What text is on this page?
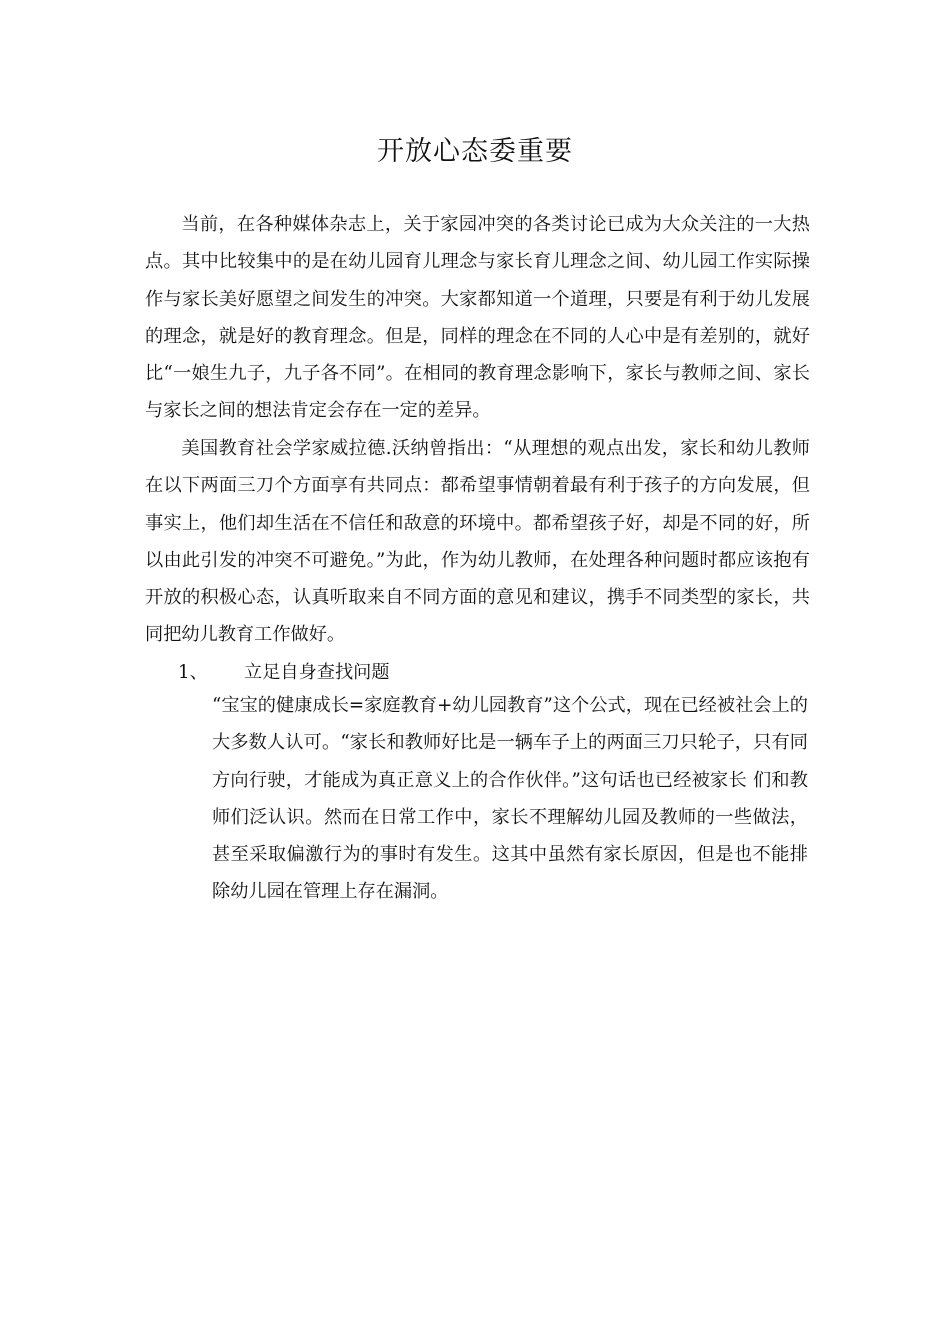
开放心态委重要

当前，在各种媒体杂志上，关于家园冲突的各类讨论已成为大众关注的一大热点。其中比较集中的是在幼儿园育儿理念与家长育儿理念之间、幼儿园工作实际操作与家长美好愿望之间发生的冲突。大家都知道一个道理，只要是有利于幼儿发展的理念，就是好的教育理念。但是，同样的理念在不同的人心中是有差别的，就好比“一娘生九子，九子各不同”。在相同的教育理念影响下，家长与教师之间、家长与家长之间的想法肯定会存在一定的差异。

美国教育社会学家威拉德.沃纳曾指出：“从理想的观点出发，家长和幼儿教师在以下两面三刀个方面享有共同点：都希望事情朝着最有利于孩子的方向发展，但事实上，他们却生活在不信任和敌意的环境中。都希望孩子好，却是不同的好，所以由此引发的冲突不可避免。”为此，作为幼儿教师，在处理各种问题时都应该抱有开放的积极心态，认真听取来自不同方面的意见和建议，携手不同类型的家长，共同把幼儿教育工作做好。

1、 立足自身查找问题

“宝宝的健康成长=家庭教育+幼儿园教育”这个公式，现在已经被社会上的大多数人认可。“家长和教师好比是一辆车子上的两面三刀只轮子，只有同方向行驶，才能成为真正意义上的合作伙伴。”这句话也已经被家长 们和教师们泛认识。然而在日常工作中，家长不理解幼儿园及教师的一些做法，甚至采取偏激行为的事时有发生。这其中虽然有家长原因，但是也不能排除幼儿园在管理上存在漏洞。
